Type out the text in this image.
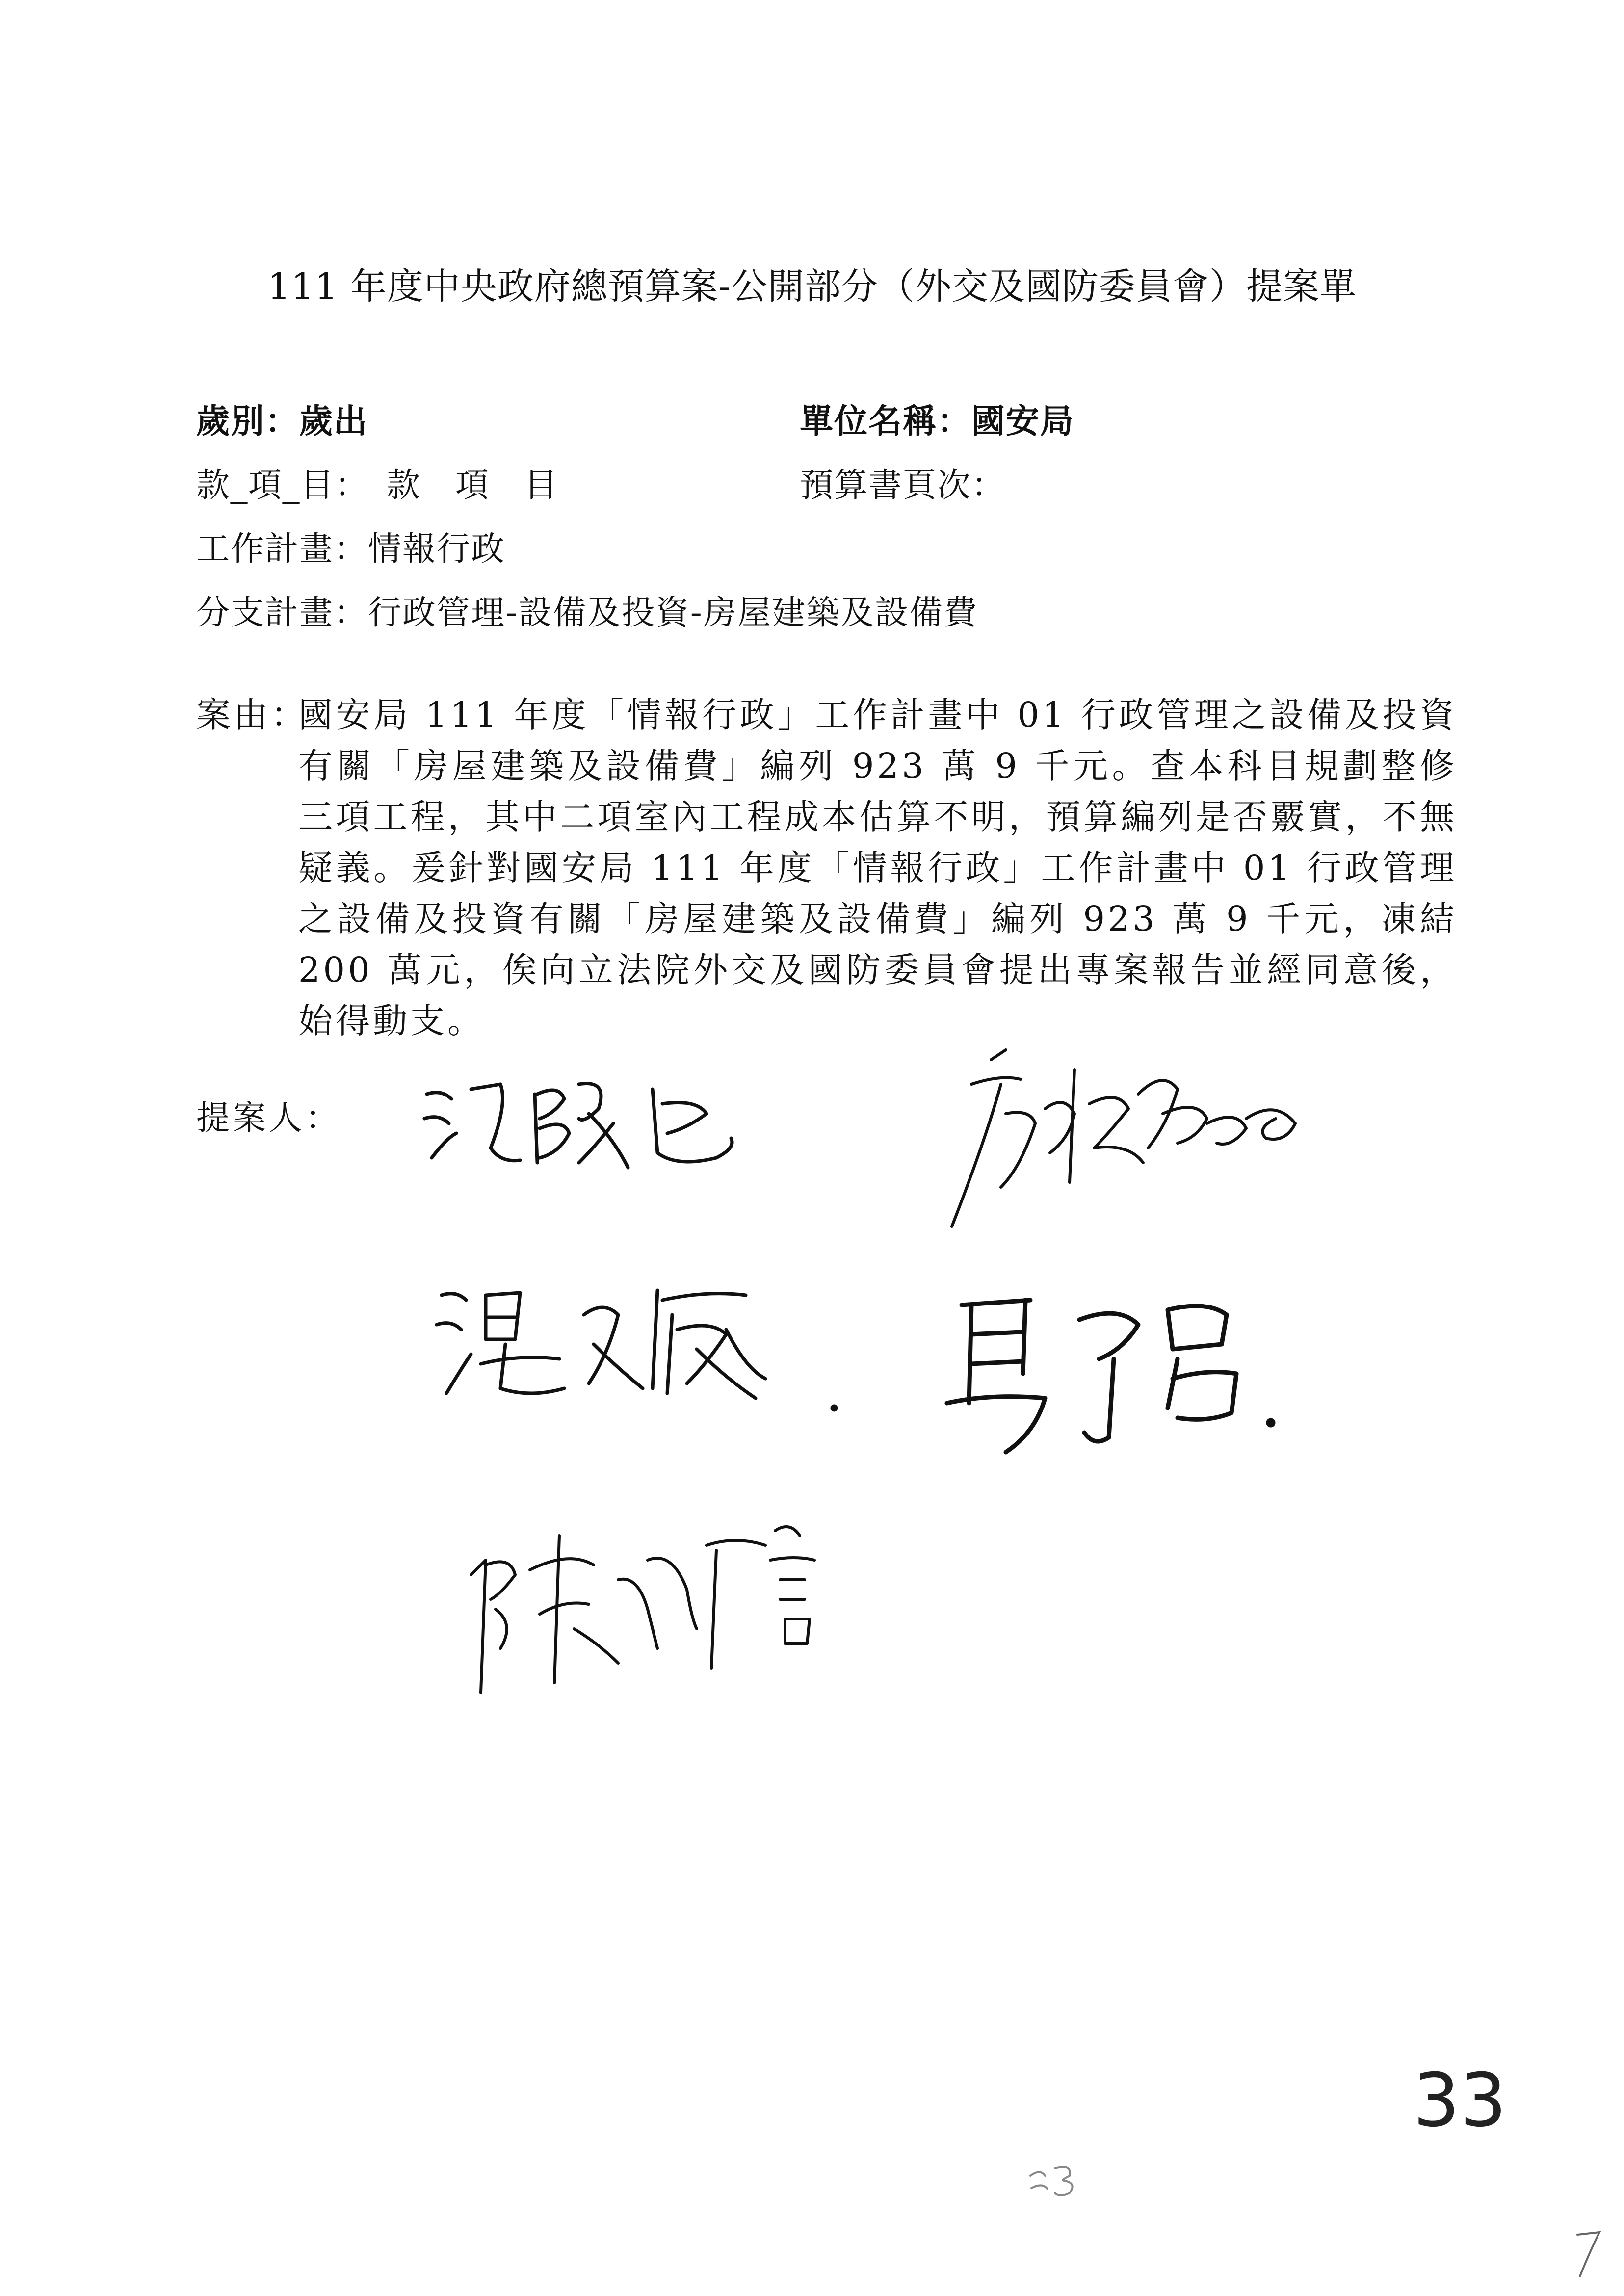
111 年度中央政府總預算案-公開部分（外交及國防委員會）提案單
歲別：歲出	單位名稱：國安局
款_項_目：　款　項　目	預算書頁次：
工作計畫：情報行政
分支計畫：行政管理-設備及投資-房屋建築及設備費
案由：
國安局 111 年度「情報行政」工作計畫中 01 行政管理之設備及投資有關「房屋建築及設備費」編列 923 萬 9 千元。查本科目規劃整修三項工程，其中二項室內工程成本估算不明，預算編列是否覈實，不無疑義。爰針對國安局 111 年度「情報行政」工作計畫中 01 行政管理之設備及投資有關「房屋建築及設備費」編列 923 萬 9 千元，凍結 200 萬元，俟向立法院外交及國防委員會提出專案報告並經同意後，始得動支。
提案人：
33
